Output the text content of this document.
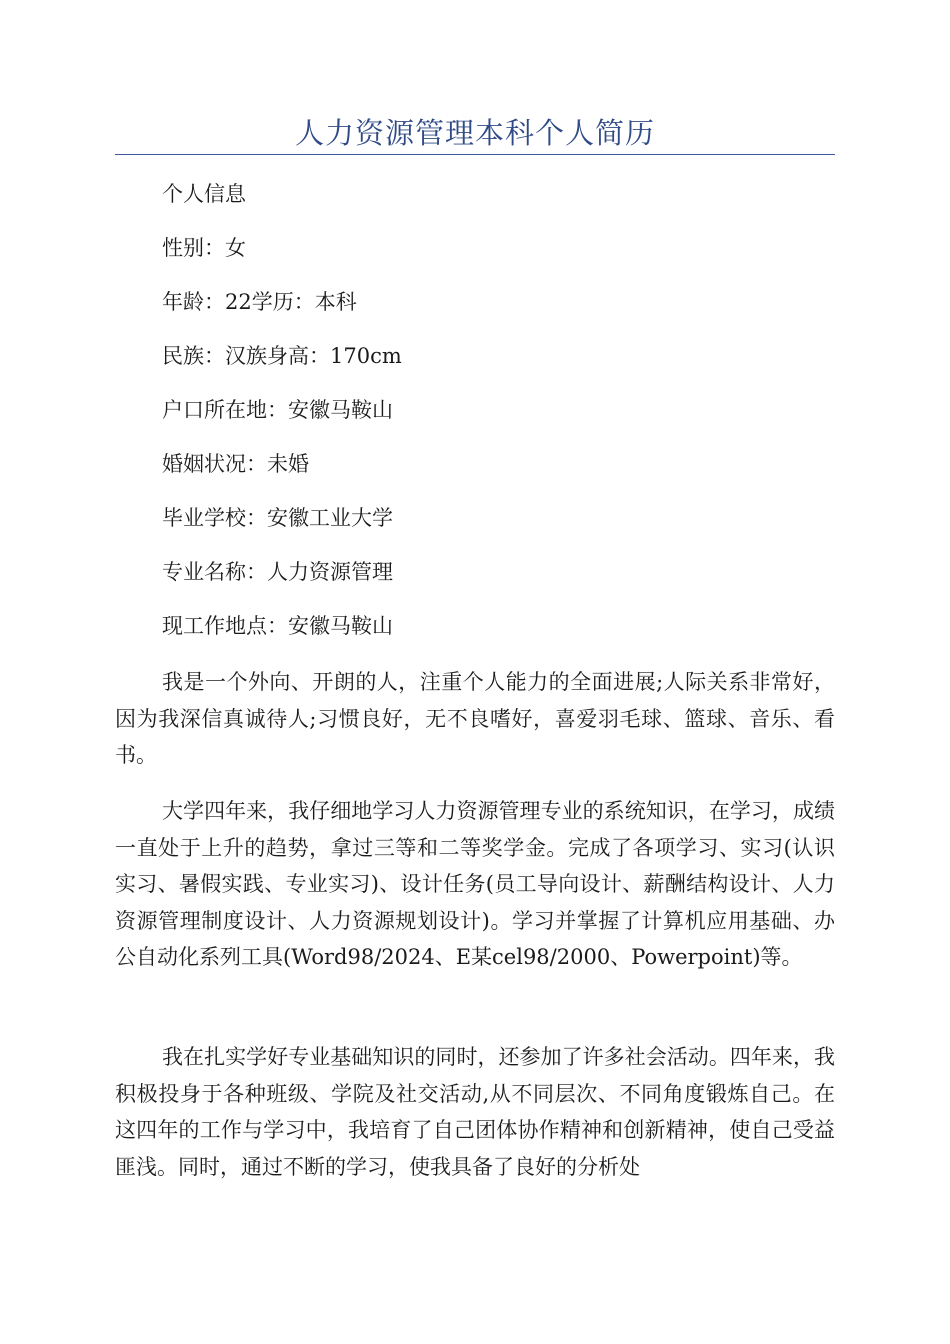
人力资源管理本科个人简历
个人信息
性别：女
年龄：22学历：本科
民族：汉族身高：170cm
户口所在地：安徽马鞍山
婚姻状况：未婚
毕业学校：安徽工业大学
专业名称：人力资源管理
现工作地点：安徽马鞍山

我是一个外向、开朗的人，注重个人能力的全面进展;人际关系非常好，因为我深信真诚待人;习惯良好，无不良嗜好，喜爱羽毛球、篮球、音乐、看书。

大学四年来，我仔细地学习人力资源管理专业的系统知识，在学习，成绩一直处于上升的趋势，拿过三等和二等奖学金。完成了各项学习、实习(认识实习、暑假实践、专业实习)、设计任务(员工导向设计、薪酬结构设计、人力资源管理制度设计、人力资源规划设计)。学习并掌握了计算机应用基础、办公自动化系列工具(Word98/2024、E某cel98/2000、Powerpoint)等。

我在扎实学好专业基础知识的同时，还参加了许多社会活动。四年来，我积极投身于各种班级、学院及社交活动,从不同层次、不同角度锻炼自己。在这四年的工作与学习中，我培育了自己团体协作精神和创新精神，使自己受益匪浅。同时，通过不断的学习，使我具备了良好的分析处
